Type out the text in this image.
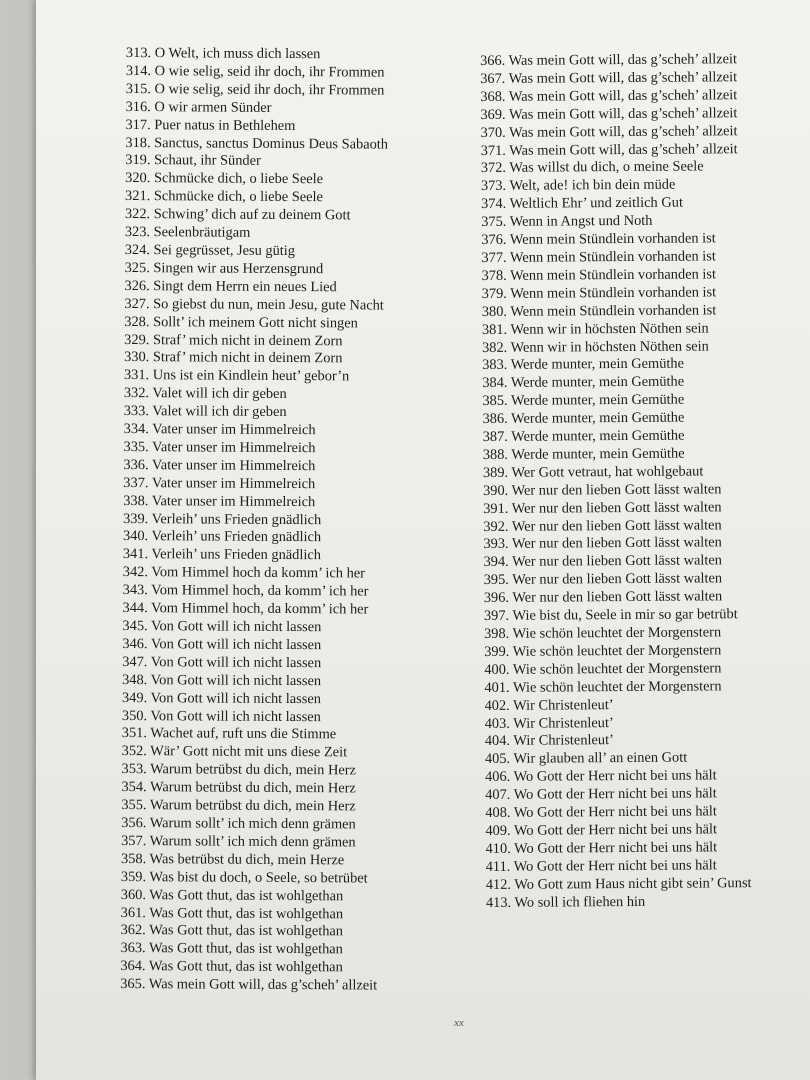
313. O Welt, ich muss dich lassen
314. O wie selig, seid ihr doch, ihr Frommen
315. O wie selig, seid ihr doch, ihr Frommen
316. O wir armen Sünder
317. Puer natus in Bethlehem
318. Sanctus, sanctus Dominus Deus Sabaoth
319. Schaut, ihr Sünder
320. Schmücke dich, o liebe Seele
321. Schmücke dich, o liebe Seele
322. Schwing’ dich auf zu deinem Gott
323. Seelenbräutigam
324. Sei gegrüsset, Jesu gütig
325. Singen wir aus Herzensgrund
326. Singt dem Herrn ein neues Lied
327. So giebst du nun, mein Jesu, gute Nacht
328. Sollt’ ich meinem Gott nicht singen
329. Straf’ mich nicht in deinem Zorn
330. Straf’ mich nicht in deinem Zorn
331. Uns ist ein Kindlein heut’ gebor’n
332. Valet will ich dir geben
333. Valet will ich dir geben
334. Vater unser im Himmelreich
335. Vater unser im Himmelreich
336. Vater unser im Himmelreich
337. Vater unser im Himmelreich
338. Vater unser im Himmelreich
339. Verleih’ uns Frieden gnädlich
340. Verleih’ uns Frieden gnädlich
341. Verleih’ uns Frieden gnädlich
342. Vom Himmel hoch da komm’ ich her
343. Vom Himmel hoch, da komm’ ich her
344. Vom Himmel hoch, da komm’ ich her
345. Von Gott will ich nicht lassen
346. Von Gott will ich nicht lassen
347. Von Gott will ich nicht lassen
348. Von Gott will ich nicht lassen
349. Von Gott will ich nicht lassen
350. Von Gott will ich nicht lassen
351. Wachet auf, ruft uns die Stimme
352. Wär’ Gott nicht mit uns diese Zeit
353. Warum betrübst du dich, mein Herz
354. Warum betrübst du dich, mein Herz
355. Warum betrübst du dich, mein Herz
356. Warum sollt’ ich mich denn grämen
357. Warum sollt’ ich mich denn grämen
358. Was betrübst du dich, mein Herze
359. Was bist du doch, o Seele, so betrübet
360. Was Gott thut, das ist wohlgethan
361. Was Gott thut, das ist wohlgethan
362. Was Gott thut, das ist wohlgethan
363. Was Gott thut, das ist wohlgethan
364. Was Gott thut, das ist wohlgethan
365. Was mein Gott will, das g’scheh’ allzeit
366. Was mein Gott will, das g’scheh’ allzeit
367. Was mein Gott will, das g’scheh’ allzeit
368. Was mein Gott will, das g’scheh’ allzeit
369. Was mein Gott will, das g’scheh’ allzeit
370. Was mein Gott will, das g’scheh’ allzeit
371. Was mein Gott will, das g’scheh’ allzeit
372. Was willst du dich, o meine Seele
373. Welt, ade! ich bin dein müde
374. Weltlich Ehr’ und zeitlich Gut
375. Wenn in Angst und Noth
376. Wenn mein Stündlein vorhanden ist
377. Wenn mein Stündlein vorhanden ist
378. Wenn mein Stündlein vorhanden ist
379. Wenn mein Stündlein vorhanden ist
380. Wenn mein Stündlein vorhanden ist
381. Wenn wir in höchsten Nöthen sein
382. Wenn wir in höchsten Nöthen sein
383. Werde munter, mein Gemüthe
384. Werde munter, mein Gemüthe
385. Werde munter, mein Gemüthe
386. Werde munter, mein Gemüthe
387. Werde munter, mein Gemüthe
388. Werde munter, mein Gemüthe
389. Wer Gott vetraut, hat wohlgebaut
390. Wer nur den lieben Gott lässt walten
391. Wer nur den lieben Gott lässt walten
392. Wer nur den lieben Gott lässt walten
393. Wer nur den lieben Gott lässt walten
394. Wer nur den lieben Gott lässt walten
395. Wer nur den lieben Gott lässt walten
396. Wer nur den lieben Gott lässt walten
397. Wie bist du, Seele in mir so gar betrübt
398. Wie schön leuchtet der Morgenstern
399. Wie schön leuchtet der Morgenstern
400. Wie schön leuchtet der Morgenstern
401. Wie schön leuchtet der Morgenstern
402. Wir Christenleut’
403. Wir Christenleut’
404. Wir Christenleut’
405. Wir glauben all’ an einen Gott
406. Wo Gott der Herr nicht bei uns hält
407. Wo Gott der Herr nicht bei uns hält
408. Wo Gott der Herr nicht bei uns hält
409. Wo Gott der Herr nicht bei uns hält
410. Wo Gott der Herr nicht bei uns hält
411. Wo Gott der Herr nicht bei uns hält
412. Wo Gott zum Haus nicht gibt sein’ Gunst
413. Wo soll ich fliehen hin
xx
